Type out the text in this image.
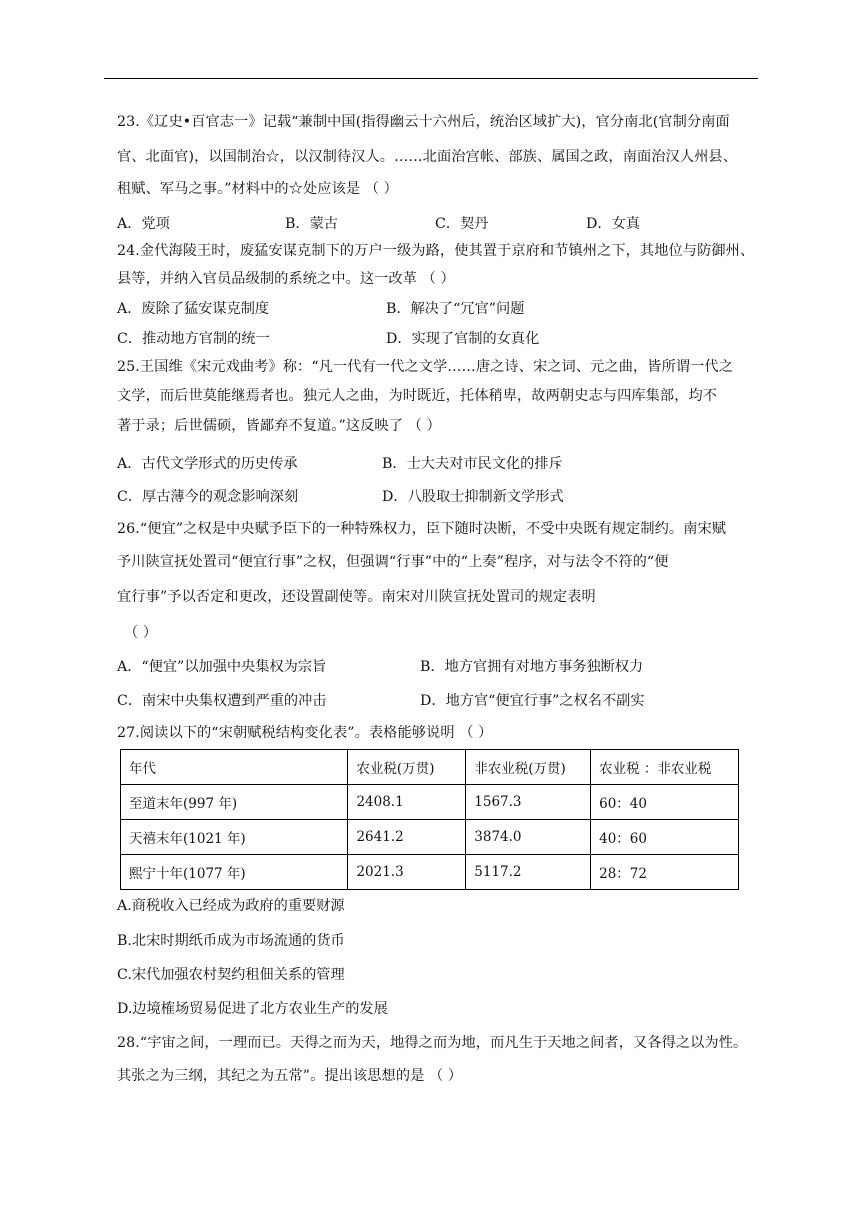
23.《辽史•百官志一》记载“兼制中国(指得幽云十六州后，统治区域扩大)，官分南北(官制分南面
官、北面官)，以国制治☆，以汉制待汉人。……北面治宫帐、部族、属国之政，南面治汉人州县、
租赋、军马之事。”材料中的☆处应该是 （ ）
A．党项	B．蒙古	C．契丹	D．女真
24.金代海陵王时，废猛安谋克制下的万户一级为路，使其置于京府和节镇州之下，其地位与防御州、
县等，并纳入官员品级制的系统之中。这一改革 （ ）
A．废除了猛安谋克制度	B．解决了“冗官”问题
C．推动地方官制的统一	D．实现了官制的女真化
25.王国维《宋元戏曲考》称：“凡一代有一代之文学……唐之诗、宋之词、元之曲，皆所谓一代之
文学，而后世莫能继焉者也。独元人之曲，为时既近，托体稍卑，故两朝史志与四库集部，均不
著于录；后世儒硕，皆鄙弃不复道。”这反映了 （ ）
A．古代文学形式的历史传承	B．士大夫对市民文化的排斥
C．厚古薄今的观念影响深刻	D．八股取士抑制新文学形式
26.“便宜”之权是中央赋予臣下的一种特殊权力，臣下随时决断，不受中央既有规定制约。南宋赋
予川陕宣抚处置司“便宜行事”之权，但强调“行事”中的“上奏”程序，对与法令不符的“便
宜行事”予以否定和更改，还设置副使等。南宋对川陕宣抚处置司的规定表明
（ ）
A．“便宜”以加强中央集权为宗旨	B．地方官拥有对地方事务独断权力
C．南宋中央集权遭到严重的冲击	D．地方官“便宜行事”之权名不副实
27.阅读以下的“宋朝赋税结构变化表”。表格能够说明 （ ）
年代	农业税(万贯)	非农业税(万贯)	农业税 ：非农业税
至道末年(997 年)	2408.1	1567.3	60：40
天禧末年(1021 年)	2641.2	3874.0	40：60
熙宁十年(1077 年)	2021.3	5117.2	28：72
A.商税收入已经成为政府的重要财源
B.北宋时期纸币成为市场流通的货币
C.宋代加强农村契约租佃关系的管理
D.边境榷场贸易促进了北方农业生产的发展
28.“宇宙之间，一理而已。天得之而为天，地得之而为地，而凡生于天地之间者，又各得之以为性。
其张之为三纲，其纪之为五常”。提出该思想的是 （ ）
